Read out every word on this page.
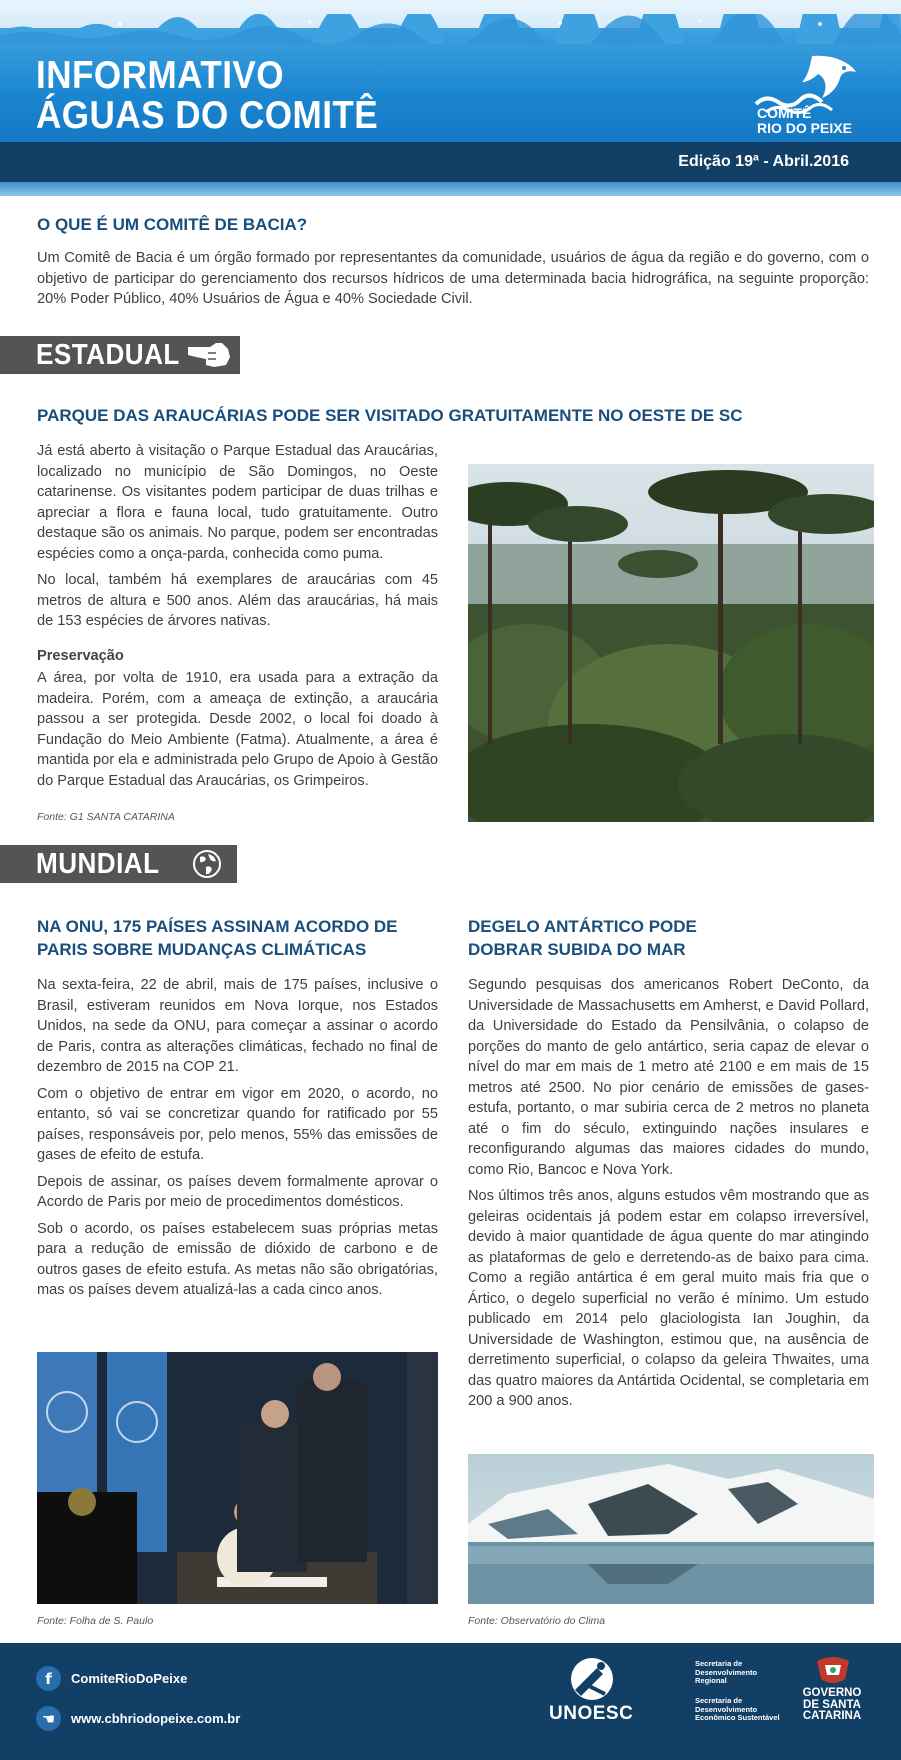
INFORMATIVO
ÁGUAS DO COMITÊ
Edição 19ª - Abril.2016
COMITÊ
RIO DO PEIXE
O QUE É UM COMITÊ DE BACIA?
Um Comitê de Bacia é um órgão formado por representantes da comunidade, usuários de água da região e do governo, com o objetivo de participar do gerenciamento dos recursos hídricos de uma determinada bacia hidrográfica, na seguinte proporção: 20% Poder Público, 40% Usuários de Água e 40% Sociedade Civil.
ESTADUAL
PARQUE DAS ARAUCÁRIAS PODE SER VISITADO GRATUITAMENTE NO OESTE DE SC

Já está aberto à visitação o Parque Estadual das Araucárias, localizado no município de São Domingos, no Oeste catarinense. Os visitantes podem participar de duas trilhas e apreciar a flora e fauna local, tudo gratuitamente. Outro destaque são os animais. No parque, podem ser encontradas espécies como a onça-parda, conhecida como puma.

No local, também há exemplares de araucárias com 45 metros de altura e 500 anos. Além das araucárias, há mais de 153 espécies de árvores nativas.

Preservação

A área, por volta de 1910, era usada para a extração da madeira. Porém, com a ameaça de extinção, a araucária passou a ser protegida. Desde 2002, o local foi doado à Fundação do Meio Ambiente (Fatma). Atualmente, a área é mantida por ela e administrada pelo Grupo de Apoio à Gestão do Parque Estadual das Araucárias, os Grimpeiros.

Fonte: G1 SANTA CATARINA
MUNDIAL
NA ONU, 175 PAÍSES ASSINAM ACORDO DE
PARIS SOBRE MUDANÇAS CLIMÁTICAS

Na sexta-feira, 22 de abril, mais de 175 países, inclusive o Brasil, estiveram reunidos em Nova Iorque, nos Estados Unidos, na sede da ONU, para começar a assinar o acordo de Paris, contra as alterações climáticas, fechado no final de dezembro de 2015 na COP 21.

Com o objetivo de entrar em vigor em 2020, o acordo, no entanto, só vai se concretizar quando for ratificado por 55 países, responsáveis por, pelo menos, 55% das emissões de gases de efeito de estufa.

Depois de assinar, os países devem formalmente aprovar o Acordo de Paris por meio de procedimentos domésticos.

Sob o acordo, os países estabelecem suas próprias metas para a redução de emissão de dióxido de carbono e de outros gases de efeito estufa. As metas não são obrigatórias, mas os países devem atualizá-las a cada cinco anos.

Fonte: Folha de S. Paulo
DEGELO ANTÁRTICO PODE
DOBRAR SUBIDA DO MAR

Segundo pesquisas dos americanos Robert DeConto, da Universidade de Massachusetts em Amherst, e David Pollard, da Universidade do Estado da Pensilvânia, o colapso de porções do manto de gelo antártico, seria capaz de elevar o nível do mar em mais de 1 metro até 2100 e em mais de 15 metros até 2500. No pior cenário de emissões de gases-estufa, portanto, o mar subiria cerca de 2 metros no planeta até o fim do século, extinguindo nações insulares e reconfigurando algumas das maiores cidades do mundo, como Rio, Bancoc e Nova York.

Nos últimos três anos, alguns estudos vêm mostrando que as geleiras ocidentais já podem estar em colapso irreversível, devido à maior quantidade de água quente do mar atingindo as plataformas de gelo e derretendo-as de baixo para cima. Como a região antártica é em geral muito mais fria que o Ártico, o degelo superficial no verão é mínimo. Um estudo publicado em 2014 pelo glaciologista Ian Joughin, da Universidade de Washington, estimou que, na ausência de derretimento superficial, o colapso da geleira Thwaites, uma das quatro maiores da Antártida Ocidental, se completaria em 200 a 900 anos.

Fonte: Observatório do Clima
f	ComiteRioDoPeixe
☚	www.cbhriodopeixe.com.br	UNOESC
Secretaria de
Desenvolvimento
Regional
Secretaria de
Desenvolvimento
Econômico Sustentável
GOVERNO
DE SANTA
CATARINA
